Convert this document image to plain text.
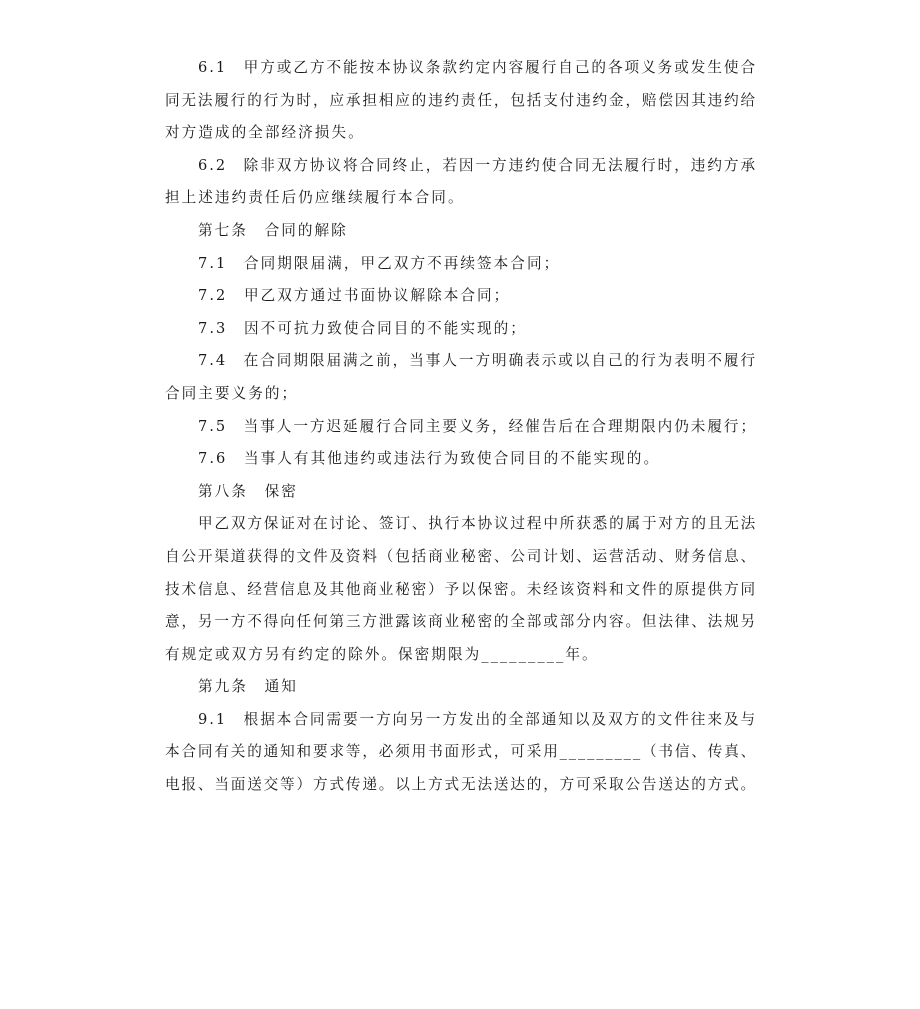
6.1　甲方或乙方不能按本协议条款约定内容履行自己的各项义务或发生使合
同无法履行的行为时，应承担相应的违约责任，包括支付违约金，赔偿因其违约给
对方造成的全部经济损失。
6.2　除非双方协议将合同终止，若因一方违约使合同无法履行时，违约方承
担上述违约责任后仍应继续履行本合同。
第七条　合同的解除
7.1　合同期限届满，甲乙双方不再续签本合同；
7.2　甲乙双方通过书面协议解除本合同；
7.3　因不可抗力致使合同目的不能实现的；
7.4　在合同期限届满之前，当事人一方明确表示或以自己的行为表明不履行
合同主要义务的；
7.5　当事人一方迟延履行合同主要义务，经催告后在合理期限内仍未履行；
7.6　当事人有其他违约或违法行为致使合同目的不能实现的。
第八条　保密
甲乙双方保证对在讨论、签订、执行本协议过程中所获悉的属于对方的且无法
自公开渠道获得的文件及资料（包括商业秘密、公司计划、运营活动、财务信息、
技术信息、经营信息及其他商业秘密）予以保密。未经该资料和文件的原提供方同
意，另一方不得向任何第三方泄露该商业秘密的全部或部分内容。但法律、法规另
有规定或双方另有约定的除外。保密期限为_________年。
第九条　通知
9.1　根据本合同需要一方向另一方发出的全部通知以及双方的文件往来及与
本合同有关的通知和要求等，必须用书面形式，可采用_________（书信、传真、
电报、当面送交等）方式传递。以上方式无法送达的，方可采取公告送达的方式。
